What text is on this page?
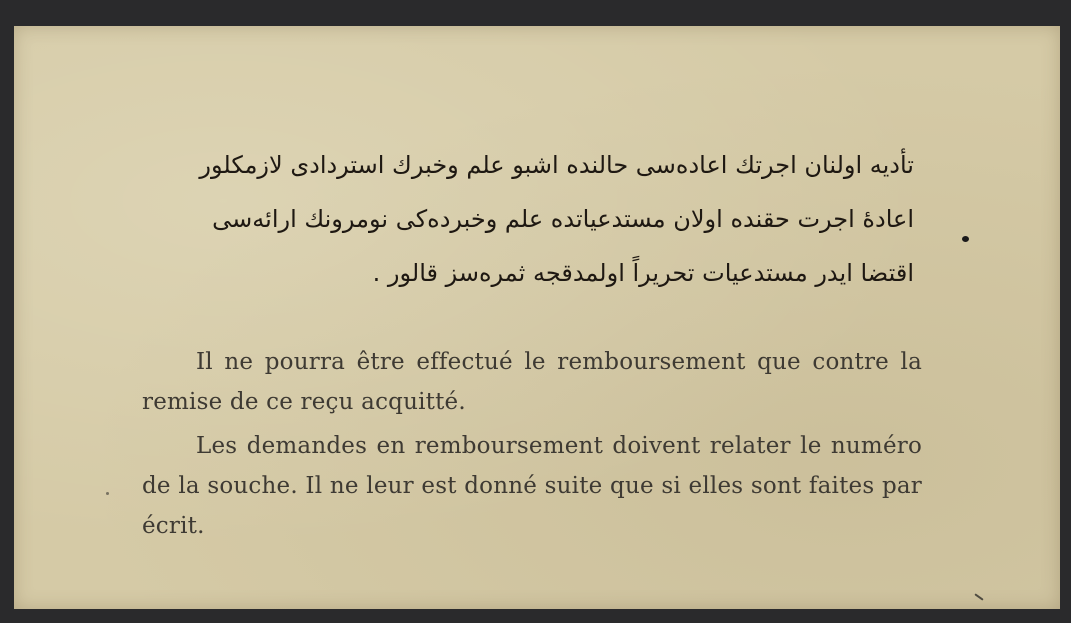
تأديه اولنان اجرتك اعاده‌سی حالنده اشبو علم وخبرك استردادی لازمكلور
اعادۀ اجرت حقنده اولان مستدعياتده علم وخبرده‌كی نومرونك ارائه‌سی
اقتضا ايدر مستدعيات تحريراً اولمدقجه ثمره‌سز قالور .

Il ne pourra être effectué le remboursement que contre la remise de ce reçu acquitté.

Les demandes en remboursement doivent relater le numéro de la souche. Il ne leur est donné suite que si elles sont faites par écrit.
